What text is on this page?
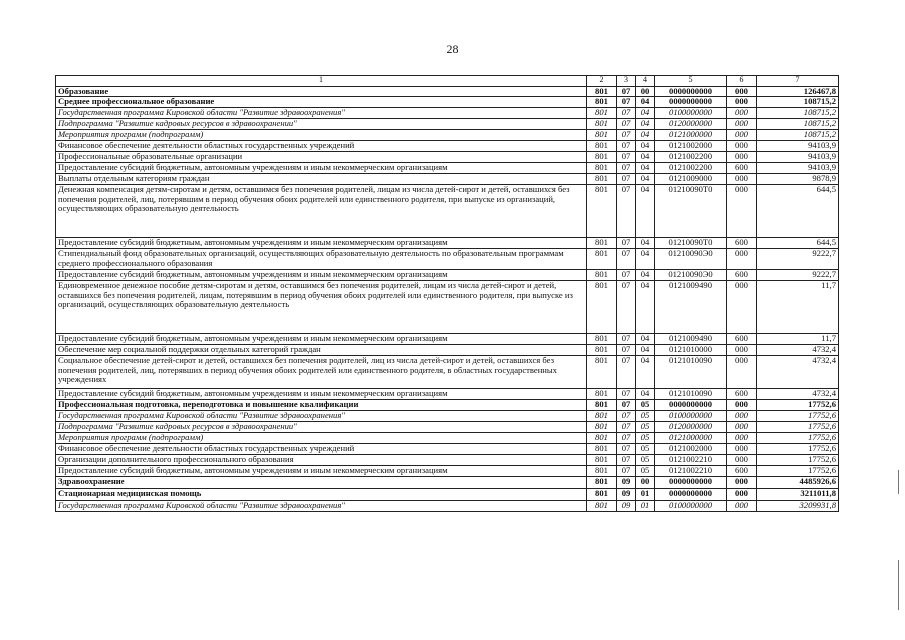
28
1	2	3	4	5	6	7
Образование	801	07	00	0000000000	000	126467,8
Среднее профессиональное образование	801	07	04	0000000000	000	108715,2
Государственная программа Кировской области "Развитие здравоохранения"	801	07	04	0100000000	000	108715,2
Подпрограмма "Развитие кадровых ресурсов в здравоохранении"	801	07	04	0120000000	000	108715,2
Мероприятия программ (подпрограмм)	801	07	04	0121000000	000	108715,2
Финансовое обеспечение деятельности областных государственных учреждений	801	07	04	0121002000	000	94103,9
Профессиональные образовательные организации	801	07	04	0121002200	000	94103,9
Предоставление субсидий бюджетным, автономным учреждениям и иным некоммерческим организациям	801	07	04	0121002200	600	94103,9
Выплаты отдельным категориям граждан	801	07	04	0121009000	000	9878,9
Денежная компенсация детям-сиротам и детям, оставшимся без попечения родителей, лицам из числа детей-сирот и детей, оставшихся без попечения родителей, лиц, потерявшим в период обучения обоих родителей или единственного родителя, при выпуске из организаций, осуществляющих образовательную деятельность	801	07	04	01210090Т0	000	644,5
Предоставление субсидий бюджетным, автономным учреждениям и иным некоммерческим организациям	801	07	04	01210090Т0	600	644,5
Стипендиальный фонд образовательных организаций, осуществляющих образовательную деятельность по образовательным программам среднего профессионального образования	801	07	04	01210090Э0	000	9222,7
Предоставление субсидий бюджетным, автономным учреждениям и иным некоммерческим организациям	801	07	04	01210090Э0	600	9222,7
Единовременное денежное пособие детям-сиротам и детям, оставшимся без попечения родителей, лицам из числа детей-сирот и детей, оставшихся без попечения родителей, лицам, потерявшим в период обучения обоих родителей или единственного родителя, при выпуске из организаций, осуществляющих образовательную деятельность	801	07	04	0121009490	000	11,7
Предоставление субсидий бюджетным, автономным учреждениям и иным некоммерческим организациям	801	07	04	0121009490	600	11,7
Обеспечение мер социальной поддержки отдельных категорий граждан	801	07	04	0121010000	000	4732,4
Социальное обеспечение детей-сирот и детей, оставшихся без попечения родителей, лиц из числа детей-сирот и детей, оставшихся без попечения родителей, лиц, потерявших в период обучения обоих родителей или единственного родителя, в областных государственных учреждениях	801	07	04	0121010090	000	4732,4
Предоставление субсидий бюджетным, автономным учреждениям и иным некоммерческим организациям	801	07	04	0121010090	600	4732,4
Профессиональная подготовка, переподготовка и повышение квалификации	801	07	05	0000000000	000	17752,6
Государственная программа Кировской области "Развитие здравоохранения"	801	07	05	0100000000	000	17752,6
Подпрограмма "Развитие кадровых ресурсов в здравоохранении"	801	07	05	0120000000	000	17752,6
Мероприятия программ (подпрограмм)	801	07	05	0121000000	000	17752,6
Финансовое обеспечение деятельности областных государственных учреждений	801	07	05	0121002000	000	17752,6
Организации дополнительного профессионального образования	801	07	05	0121002210	000	17752,6
Предоставление субсидий бюджетным, автономным учреждениям и иным некоммерческим организациям	801	07	05	0121002210	600	17752,6
Здравоохранение	801	09	00	0000000000	000	4485926,6
Стационарная медицинская помощь	801	09	01	0000000000	000	3211011,8
Государственная программа Кировской области "Развитие здравоохранения"	801	09	01	0100000000	000	3209931,8
